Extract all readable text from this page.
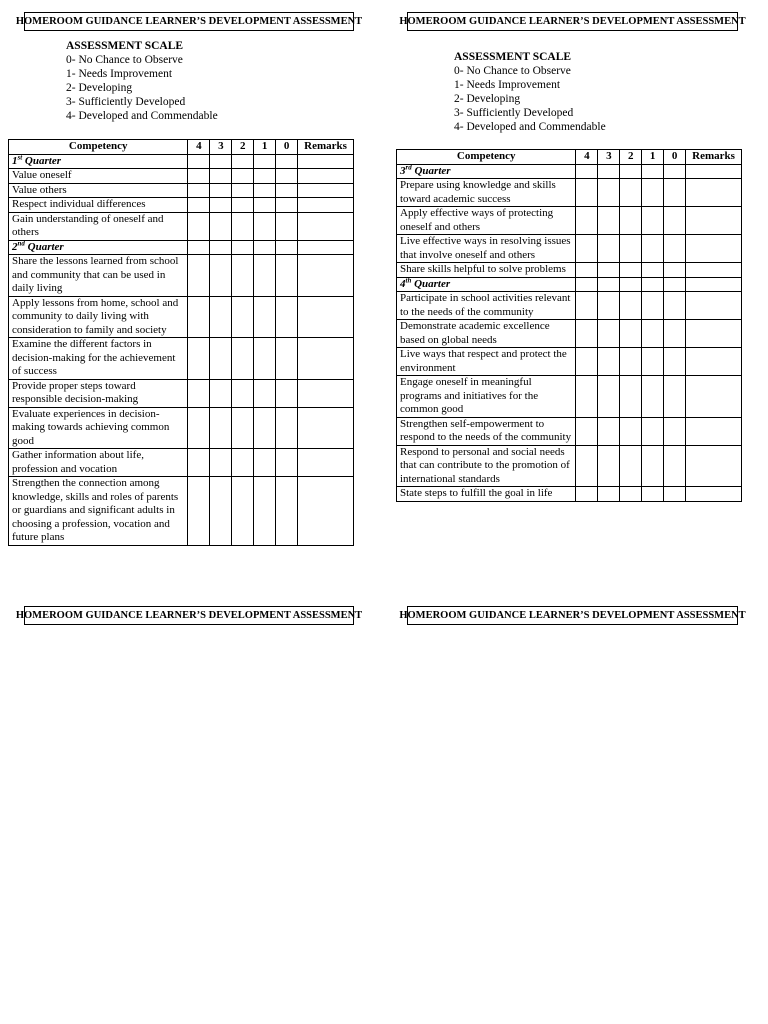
HOMEROOM GUIDANCE LEARNER’S DEVELOPMENT ASSESSMENT	HOMEROOM GUIDANCE LEARNER’S DEVELOPMENT ASSESSMENT
HOMEROOM GUIDANCE LEARNER’S DEVELOPMENT ASSESSMENT	HOMEROOM GUIDANCE LEARNER’S DEVELOPMENT ASSESSMENT
ASSESSMENT SCALE
0- No Chance to Observe
1- Needs Improvement
2- Developing
3- Sufficiently Developed
4- Developed and Commendable
ASSESSMENT SCALE
0- No Chance to Observe
1- Needs Improvement
2- Developing
3- Sufficiently Developed
4- Developed and Commendable
Competency	4	3	2	1	0	Remarks
1st Quarter						
Value oneself						
Value others						
Respect individual differences						
Gain understanding of oneself and others						
2nd Quarter						
Share the lessons learned from school and community that can be used in daily living						
Apply lessons from home, school and community to daily living with consideration to family and society						
Examine the different factors in decision-making for the achievement of success						
Provide proper steps toward responsible decision-making						
Evaluate experiences in decision-making towards achieving common good						
Gather information about life, profession and vocation						
Strengthen the connection among knowledge, skills and roles of parents or guardians and significant adults in choosing a profession, vocation and future plans						
Competency	4	3	2	1	0	Remarks
3rd Quarter						
Prepare using knowledge and skills toward academic success						
Apply effective ways of protecting oneself and others						
Live effective ways in resolving issues that involve oneself and others						
Share skills helpful to solve problems						
4th Quarter						
Participate in school activities relevant to the needs of the community						
Demonstrate academic excellence based on global needs						
Live ways that respect and protect the environment						
Engage oneself in meaningful programs and initiatives for the common good						
Strengthen self-empowerment to respond to the needs of the community						
Respond to personal and social needs that can contribute to the promotion of international standards						
State steps to fulfill the goal in life						
